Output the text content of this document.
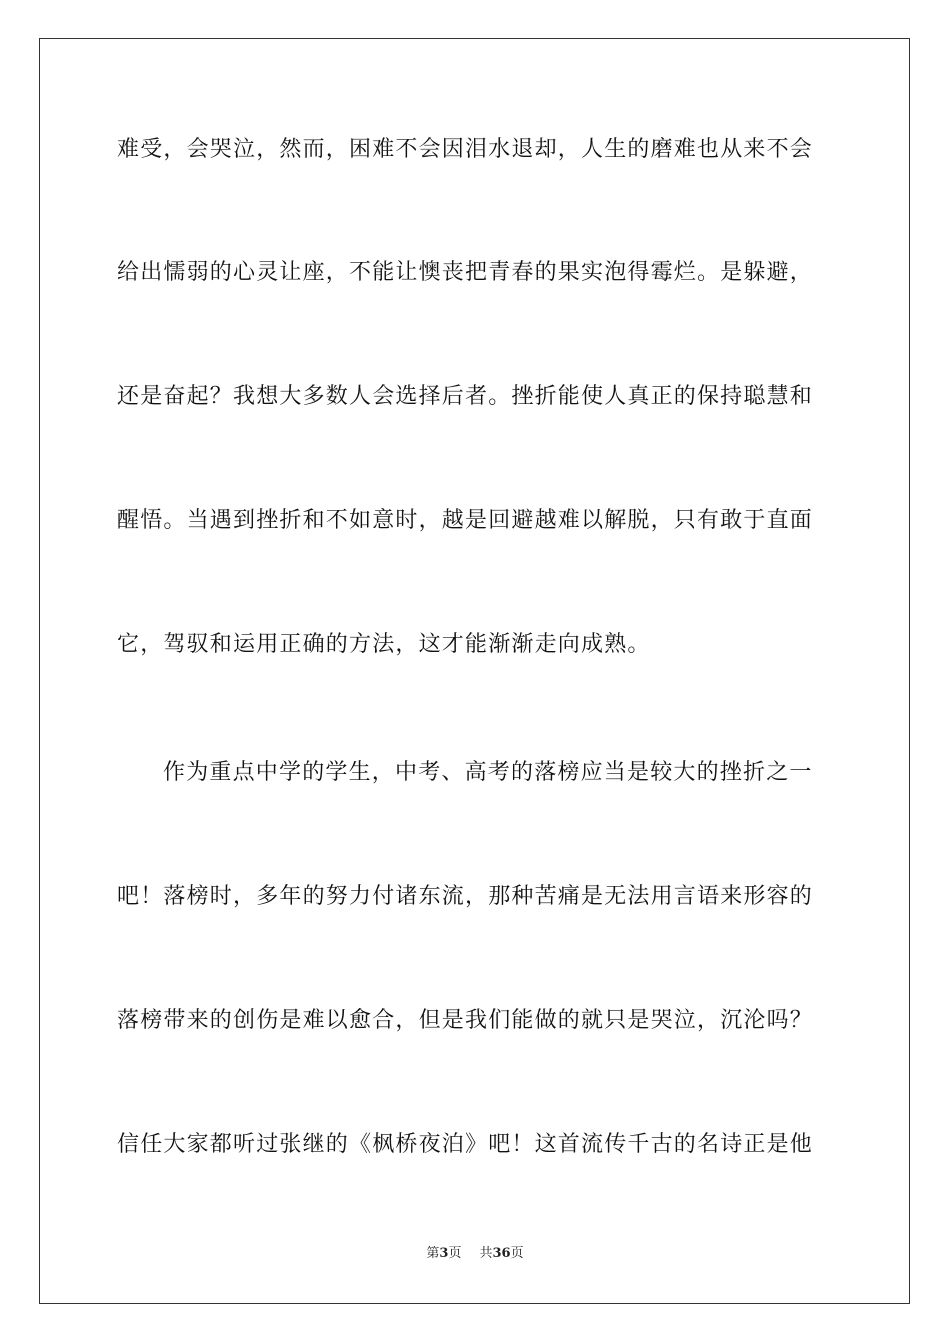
难受，会哭泣，然而，困难不会因泪水退却，人生的磨难也从来不会
给出懦弱的心灵让座，不能让懊丧把青春的果实泡得霉烂。是躲避，
还是奋起？我想大多数人会选择后者。挫折能使人真正的保持聪慧和
醒悟。当遇到挫折和不如意时，越是回避越难以解脱，只有敢于直面
它，驾驭和运用正确的方法，这才能渐渐走向成熟。
作为重点中学的学生，中考、高考的落榜应当是较大的挫折之一
吧！落榜时，多年的努力付诸东流，那种苦痛是无法用言语来形容的
落榜带来的创伤是难以愈合，但是我们能做的就只是哭泣，沉沦吗？
信任大家都听过张继的《枫桥夜泊》吧！这首流传千古的名诗正是他
第3页 共36页
